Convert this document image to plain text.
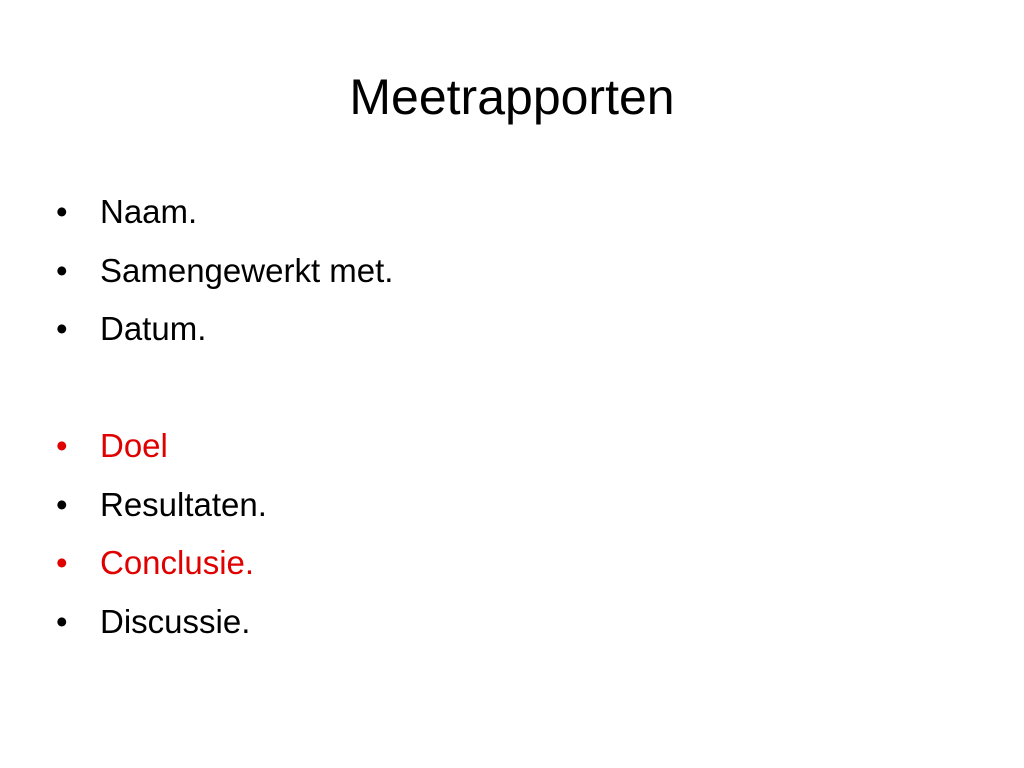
Meetrapporten
• Naam.
• Samengewerkt met.
• Datum.
• Doel
• Resultaten.
• Conclusie.
• Discussie.
